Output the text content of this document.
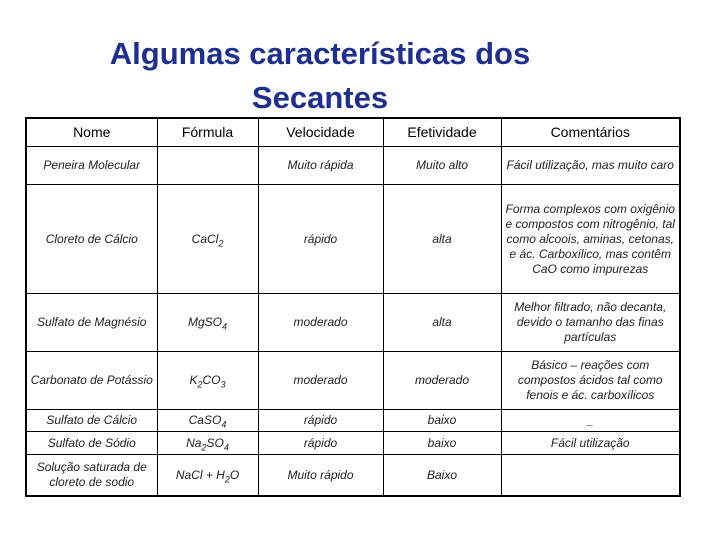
Algumas características dos
Secantes
Nome	Fórmula	Velocidade	Efetividade	Comentários
Peneira Molecular		Muito rápida	Muito alto	Fácil utilização, mas muito caro
Cloreto de Cálcio	CaCl$_2$	rápido	alta	Forma complexos com oxigênio e compostos com nitrogênio, tal como alcoois, aminas, cetonas, e ác. Carboxílico, mas contêm CaO como impurezas
Sulfato de Magnésio	MgSO$_4$	moderado	alta	Melhor filtrado, não decanta, devido o tamanho das finas partículas
Carbonato de Potássio	$K_2CO_3$	moderado	moderado	Básico – reações com compostos ácidos tal como fenois e ác. carboxílicos
Sulfato de Cálcio	CaSO$_4$	rápido	baixo	_
Sulfato de Sódio	$Na_2SO_4$	rápido	baixo	Fácil utilização
Solução saturada de cloreto de sodio	NaCl + $H_2O$	Muito rápido	Baixo	
